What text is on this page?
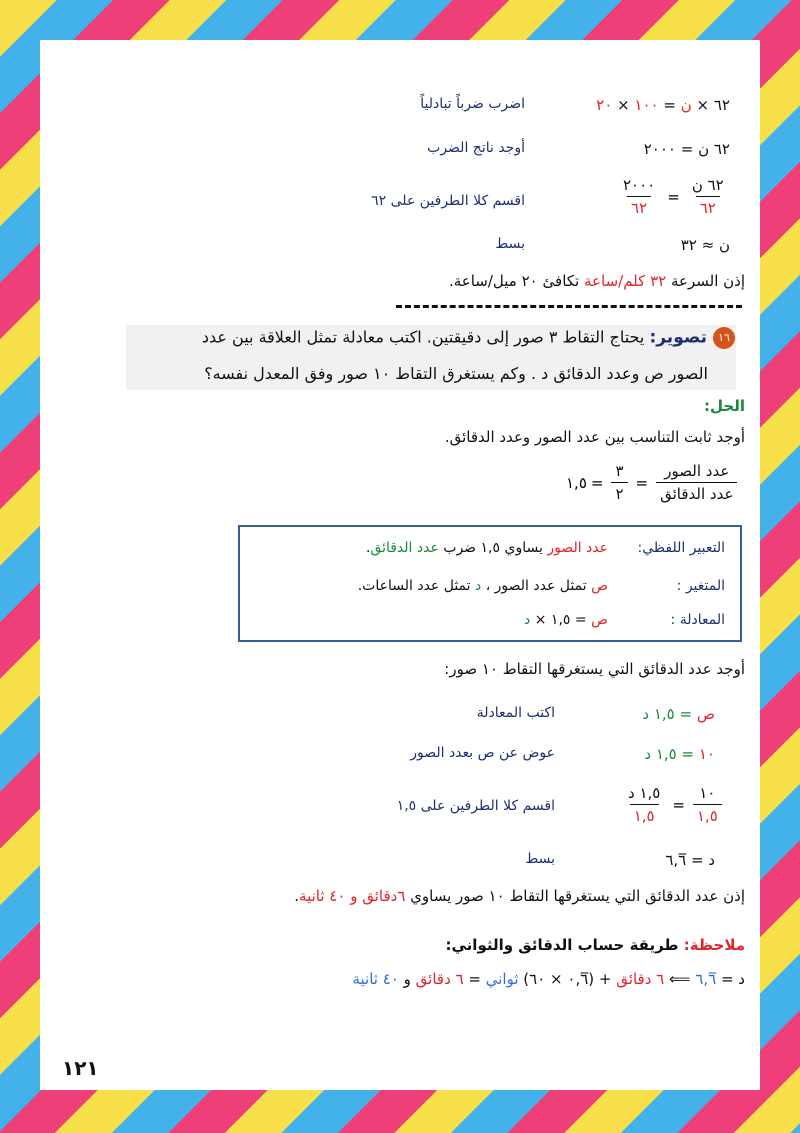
اضرب ضرباً تبادلياً
أوجد ناتج الضرب
اقسم كلا الطرفين على ٦٢
بسط
٦٢ × ن = ١٠٠ × ٢٠
٦٢ ن = ٢٠٠٠
$\frac{٢٠٠٠}{٦٢} = \frac{\text{٦٢ ن}}{٦٢}$
ن ≈ ٣٢
إذن السرعة ٣٢ كلم/ساعة تكافئ ٢٠ ميل/ساعة.
١٦تصوير: يحتاج التقاط ٣ صور إلى دقيقتين. اكتب معادلة تمثل العلاقة بين عدد
الصور ص وعدد الدقائق د . وكم يستغرق التقاط ١٠ صور وفق المعدل نفسه؟
الحل:
أوجد ثابت التناسب بين عدد الصور وعدد الدقائق.
١,٥ = $\frac{٣}{٢} = \frac{\text{عدد الصور}}{\text{عدد الدقائق}}$
التعبير اللفظي:
عدد الصور يساوي ١,٥ ضرب عدد الدقائق.
المتغير :
ص تمثل عدد الصور ، د تمثل عدد الساعات.
المعادلة :
ص = ١,٥ × د
أوجد عدد الدقائق التي يستغرقها التقاط ١٠ صور:
اكتب المعادلة
عوض عن ص بعدد الصور
اقسم كلا الطرفين على ١,٥
بسط
ص = ١,٥ د
١٠ = ١,٥ د
$\frac{\text{١,٥ د}}{١,٥} = \frac{١٠}{١,٥}$
د = ٦,٦̅
إذن عدد الدقائق التي يستغرقها التقاط ١٠ صور يساوي ٦دقائق و ٤٠ ثانية.
ملاحظة: طريقة حساب الدقائق والثواني:
د = ٦,٦̅ ⟸ ٦ دقائق + (٠,٦̅ × ٦٠) ثواني = ٦ دقائق و ٤٠ ثانية
١٢١
